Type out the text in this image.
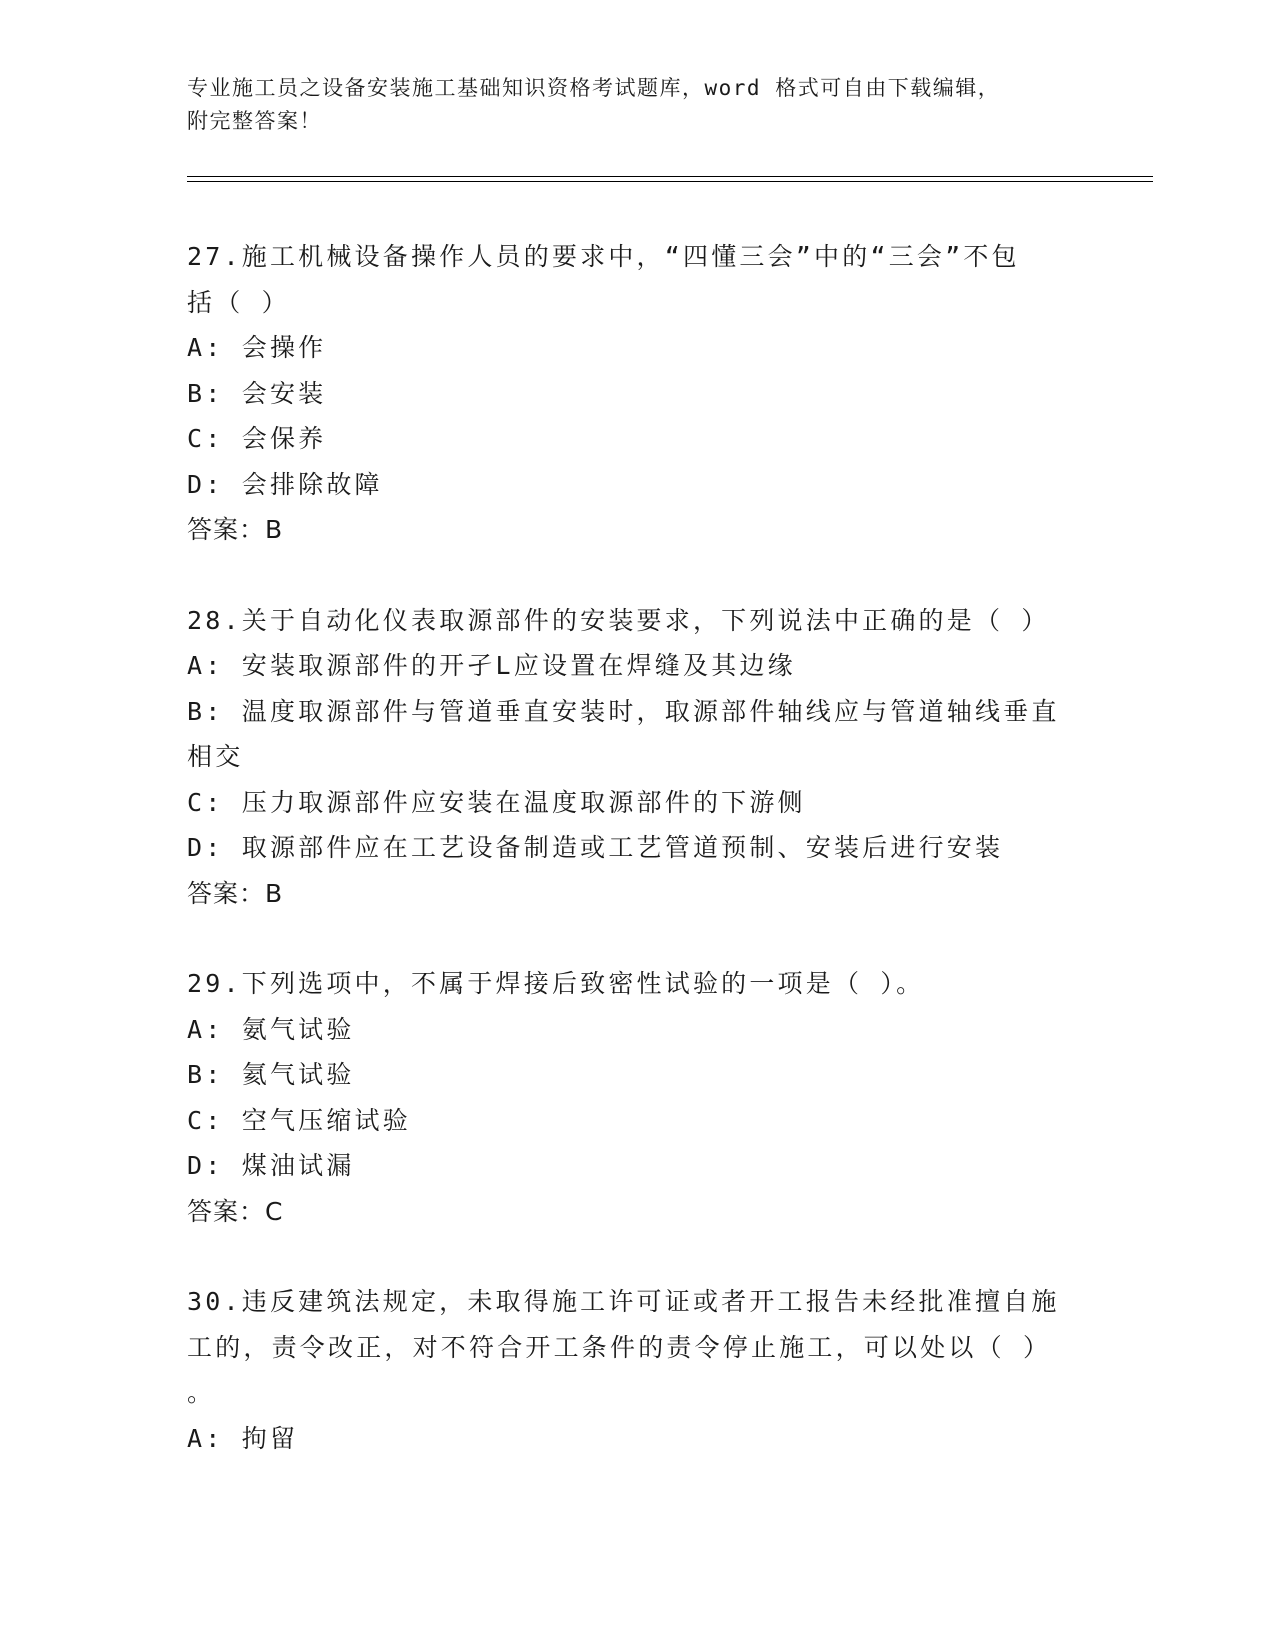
专业施工员之设备安装施工基础知识资格考试题库，word 格式可自由下载编辑，
附完整答案！
27.施工机械设备操作人员的要求中，“四懂三会”中的“三会”不包
括（ ）
A: 会操作
B: 会安装
C: 会保养
D: 会排除故障
答案：B
28.关于自动化仪表取源部件的安装要求，下列说法中正确的是（ ）
A: 安装取源部件的开孑L应设置在焊缝及其边缘
B: 温度取源部件与管道垂直安装时，取源部件轴线应与管道轴线垂直
相交
C: 压力取源部件应安装在温度取源部件的下游侧
D: 取源部件应在工艺设备制造或工艺管道预制、安装后进行安装
答案：B
29.下列选项中，不属于焊接后致密性试验的一项是（ ）。
A: 氨气试验
B: 氦气试验
C: 空气压缩试验
D: 煤油试漏
答案：C
30.违反建筑法规定，未取得施工许可证或者开工报告未经批准擅自施
工的，责令改正，对不符合开工条件的责令停止施工，可以处以（ ）
。
A: 拘留
